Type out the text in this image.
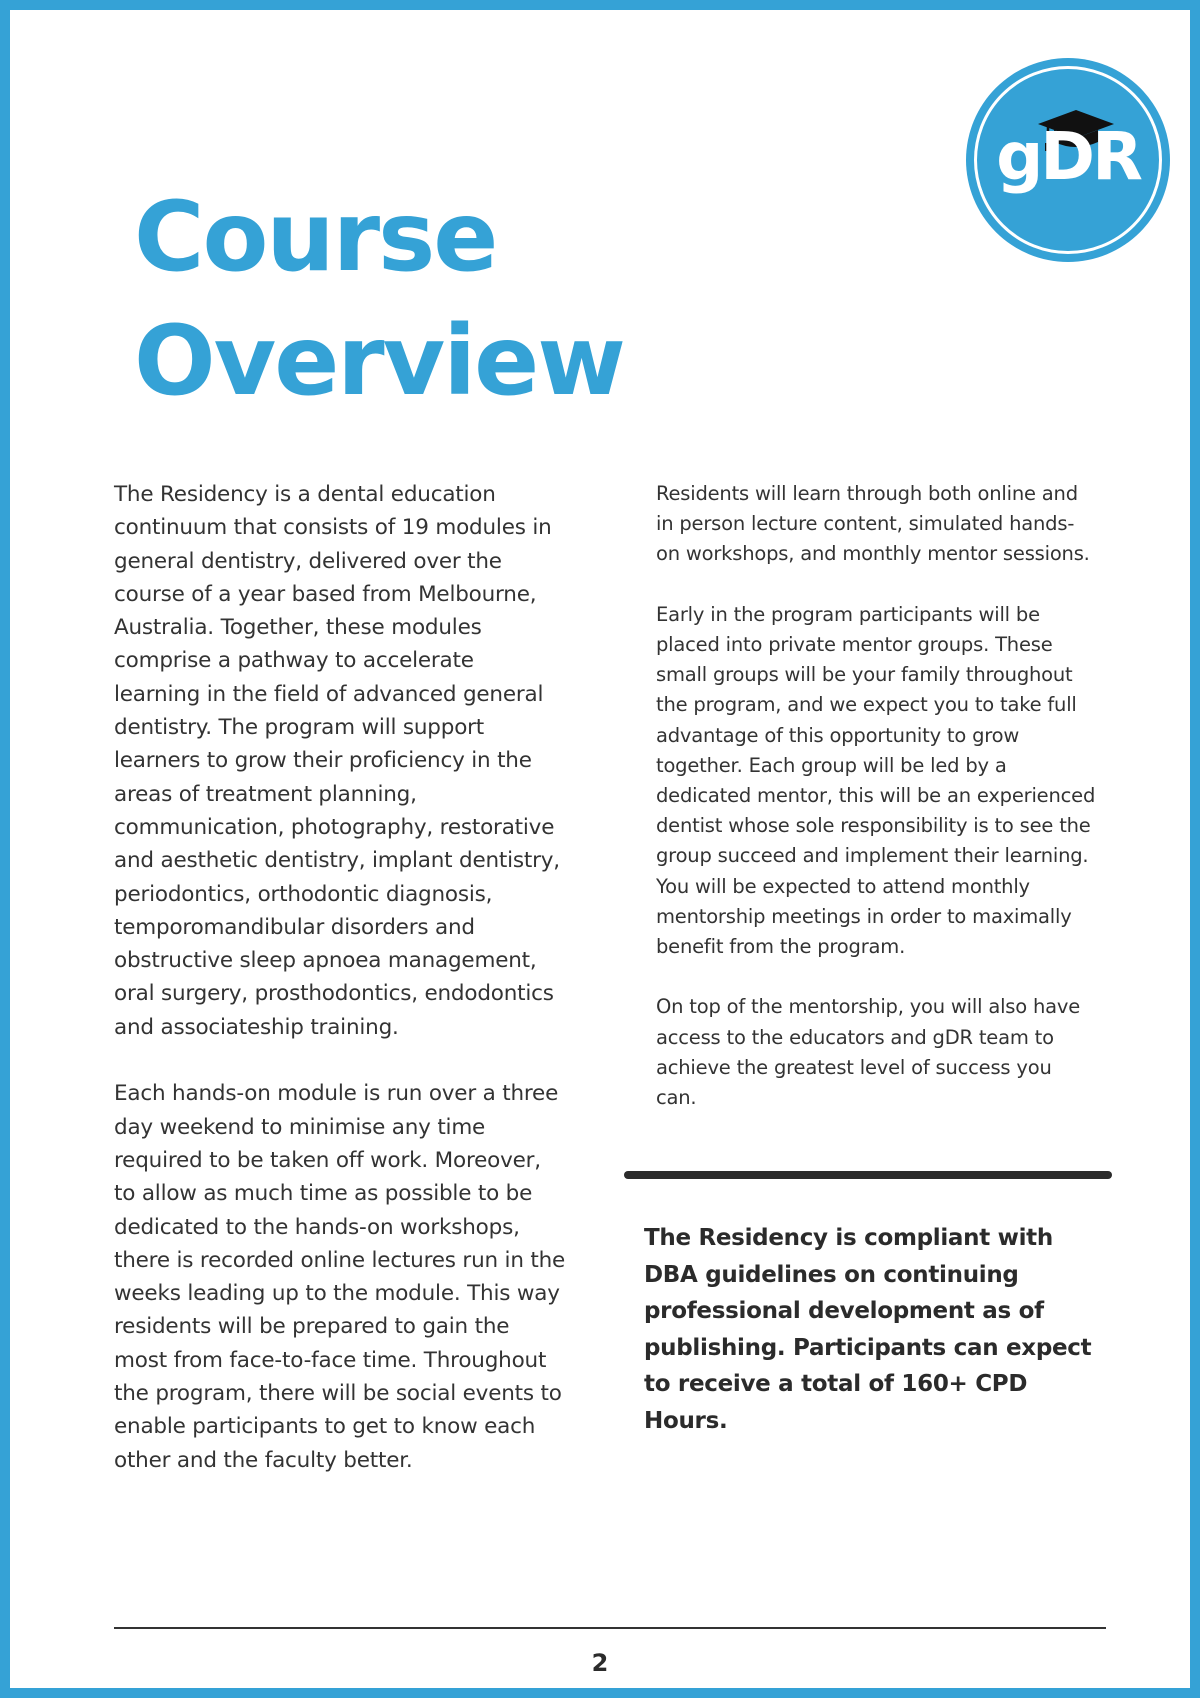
gDR
Course
Overview

The Residency is a dental education continuum that consists of 19 modules in general dentistry, delivered over the course of a year based from Melbourne, Australia. Together, these modules comprise a pathway to accelerate learning in the field of advanced general dentistry. The program will support learners to grow their proficiency in the areas of treatment planning, communication, photography, restorative and aesthetic dentistry, implant dentistry, periodontics, orthodontic diagnosis, temporomandibular disorders and obstructive sleep apnoea management, oral surgery, prosthodontics, endodontics and associateship training.

Each hands-on module is run over a three day weekend to minimise any time required to be taken off work. Moreover, to allow as much time as possible to be dedicated to the hands-on workshops, there is recorded online lectures run in the weeks leading up to the module. This way residents will be prepared to gain the most from face-to-face time. Throughout the program, there will be social events to enable participants to get to know each other and the faculty better.

Residents will learn through both online and in person lecture content, simulated hands-on workshops, and monthly mentor sessions.

Early in the program participants will be placed into private mentor groups. These small groups will be your family throughout the program, and we expect you to take full advantage of this opportunity to grow together. Each group will be led by a dedicated mentor, this will be an experienced dentist whose sole responsibility is to see the group succeed and implement their learning. You will be expected to attend monthly mentorship meetings in order to maximally benefit from the program.

On top of the mentorship, you will also have access to the educators and gDR team to achieve the greatest level of success you can.

The Residency is compliant with DBA guidelines on continuing professional development as of publishing. Participants can expect to receive a total of 160+ CPD Hours.

2
